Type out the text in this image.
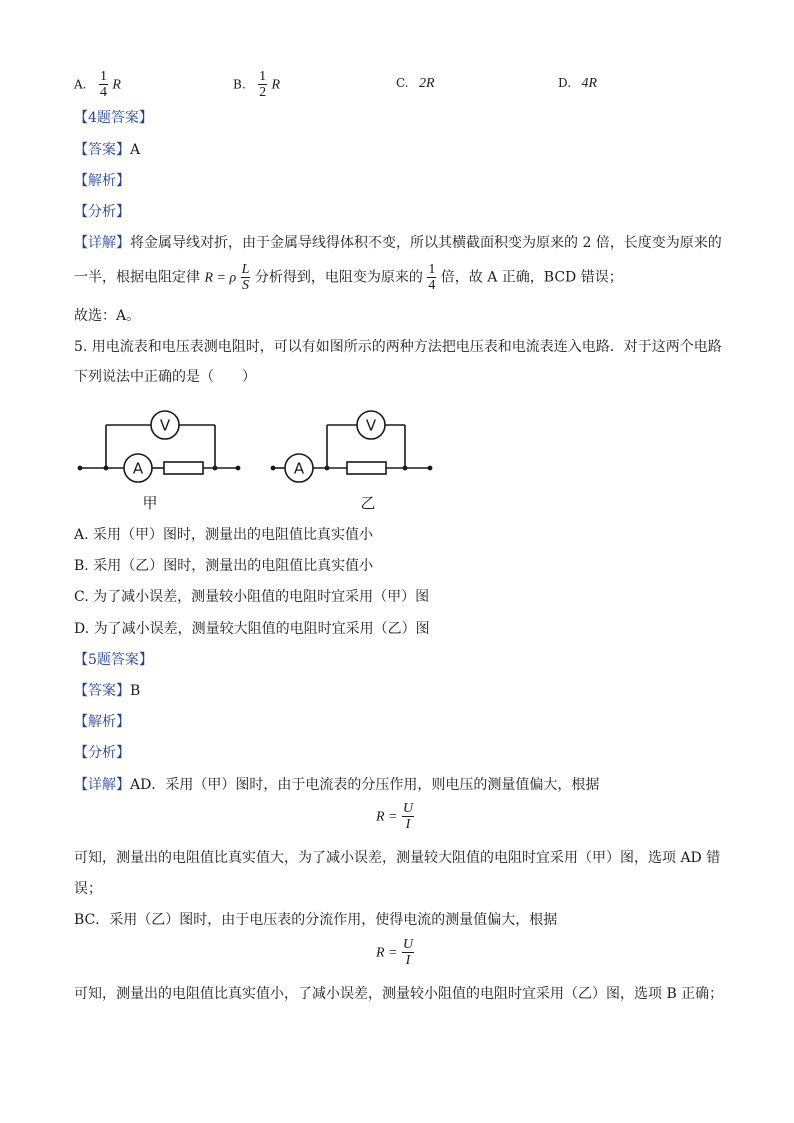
A. $\frac{1}{4}$ R	B. $\frac{1}{2}$ R	C. 2R	D. 4R
【4题答案】
【答案】A
【解析】
【分析】
【详解】将金属导线对折，由于金属导线得体积不变，所以其横截面积变为原来的 2 倍，长度变为原来的
一半，根据电阻定律 R = ρ $\frac{L}{S}$ 分析得到，电阻变为原来的 $\frac{1}{4}$ 倍，故 A 正确，BCD 错误；
故选：A。
5. 用电流表和电压表测电阻时，可以有如图所示的两种方法把电压表和电流表连入电路．对于这两个电路
下列说法中正确的是（　　）
V
A
甲
V
A
乙
A. 采用（甲）图时，测量出的电阻值比真实值小
B. 采用（乙）图时，测量出的电阻值比真实值小
C. 为了减小误差，测量较小阻值的电阻时宜采用（甲）图
D. 为了减小误差，测量较大阻值的电阻时宜采用（乙）图
【5题答案】
【答案】B
【解析】
【分析】
【详解】AD．采用（甲）图时，由于电流表的分压作用，则电压的测量值偏大，根据
$R = \frac{U}{I}$
可知，测量出的电阻值比真实值大，为了减小误差，测量较大阻值的电阻时宜采用（甲）图，选项 AD 错
误；
BC．采用（乙）图时，由于电压表的分流作用，使得电流的测量值偏大，根据
$R = \frac{U}{I}$
可知，测量出的电阻值比真实值小，了减小误差，测量较小阻值的电阻时宜采用（乙）图，选项 B 正确；
